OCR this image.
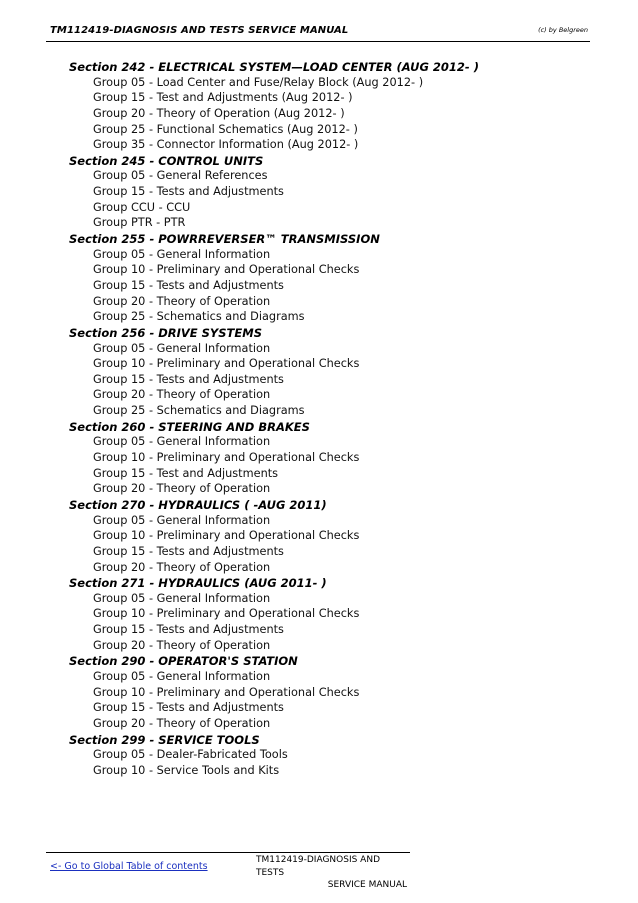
TM112419-DIAGNOSIS AND TESTS SERVICE MANUAL	(c) by Belgreen
Section 242 - ELECTRICAL SYSTEM—LOAD CENTER (AUG 2012- )
Group 05 - Load Center and Fuse/Relay Block (Aug 2012- )
Group 15 - Test and Adjustments (Aug 2012- )
Group 20 - Theory of Operation (Aug 2012- )
Group 25 - Functional Schematics (Aug 2012- )
Group 35 - Connector Information (Aug 2012- )
Section 245 - CONTROL UNITS
Group 05 - General References
Group 15 - Tests and Adjustments
Group CCU - CCU
Group PTR - PTR
Section 255 - POWRREVERSER™ TRANSMISSION
Group 05 - General Information
Group 10 - Preliminary and Operational Checks
Group 15 - Tests and Adjustments
Group 20 - Theory of Operation
Group 25 - Schematics and Diagrams
Section 256 - DRIVE SYSTEMS
Group 05 - General Information
Group 10 - Preliminary and Operational Checks
Group 15 - Tests and Adjustments
Group 20 - Theory of Operation
Group 25 - Schematics and Diagrams
Section 260 - STEERING AND BRAKES
Group 05 - General Information
Group 10 - Preliminary and Operational Checks
Group 15 - Test and Adjustments
Group 20 - Theory of Operation
Section 270 - HYDRAULICS ( -AUG 2011)
Group 05 - General Information
Group 10 - Preliminary and Operational Checks
Group 15 - Tests and Adjustments
Group 20 - Theory of Operation
Section 271 - HYDRAULICS (AUG 2011- )
Group 05 - General Information
Group 10 - Preliminary and Operational Checks
Group 15 - Tests and Adjustments
Group 20 - Theory of Operation
Section 290 - OPERATOR'S STATION
Group 05 - General Information
Group 10 - Preliminary and Operational Checks
Group 15 - Tests and Adjustments
Group 20 - Theory of Operation
Section 299 - SERVICE TOOLS
Group 05 - Dealer-Fabricated Tools
Group 10 - Service Tools and Kits
<- Go to Global Table of contents
TM112419-DIAGNOSIS AND TESTS
SERVICE MANUAL
